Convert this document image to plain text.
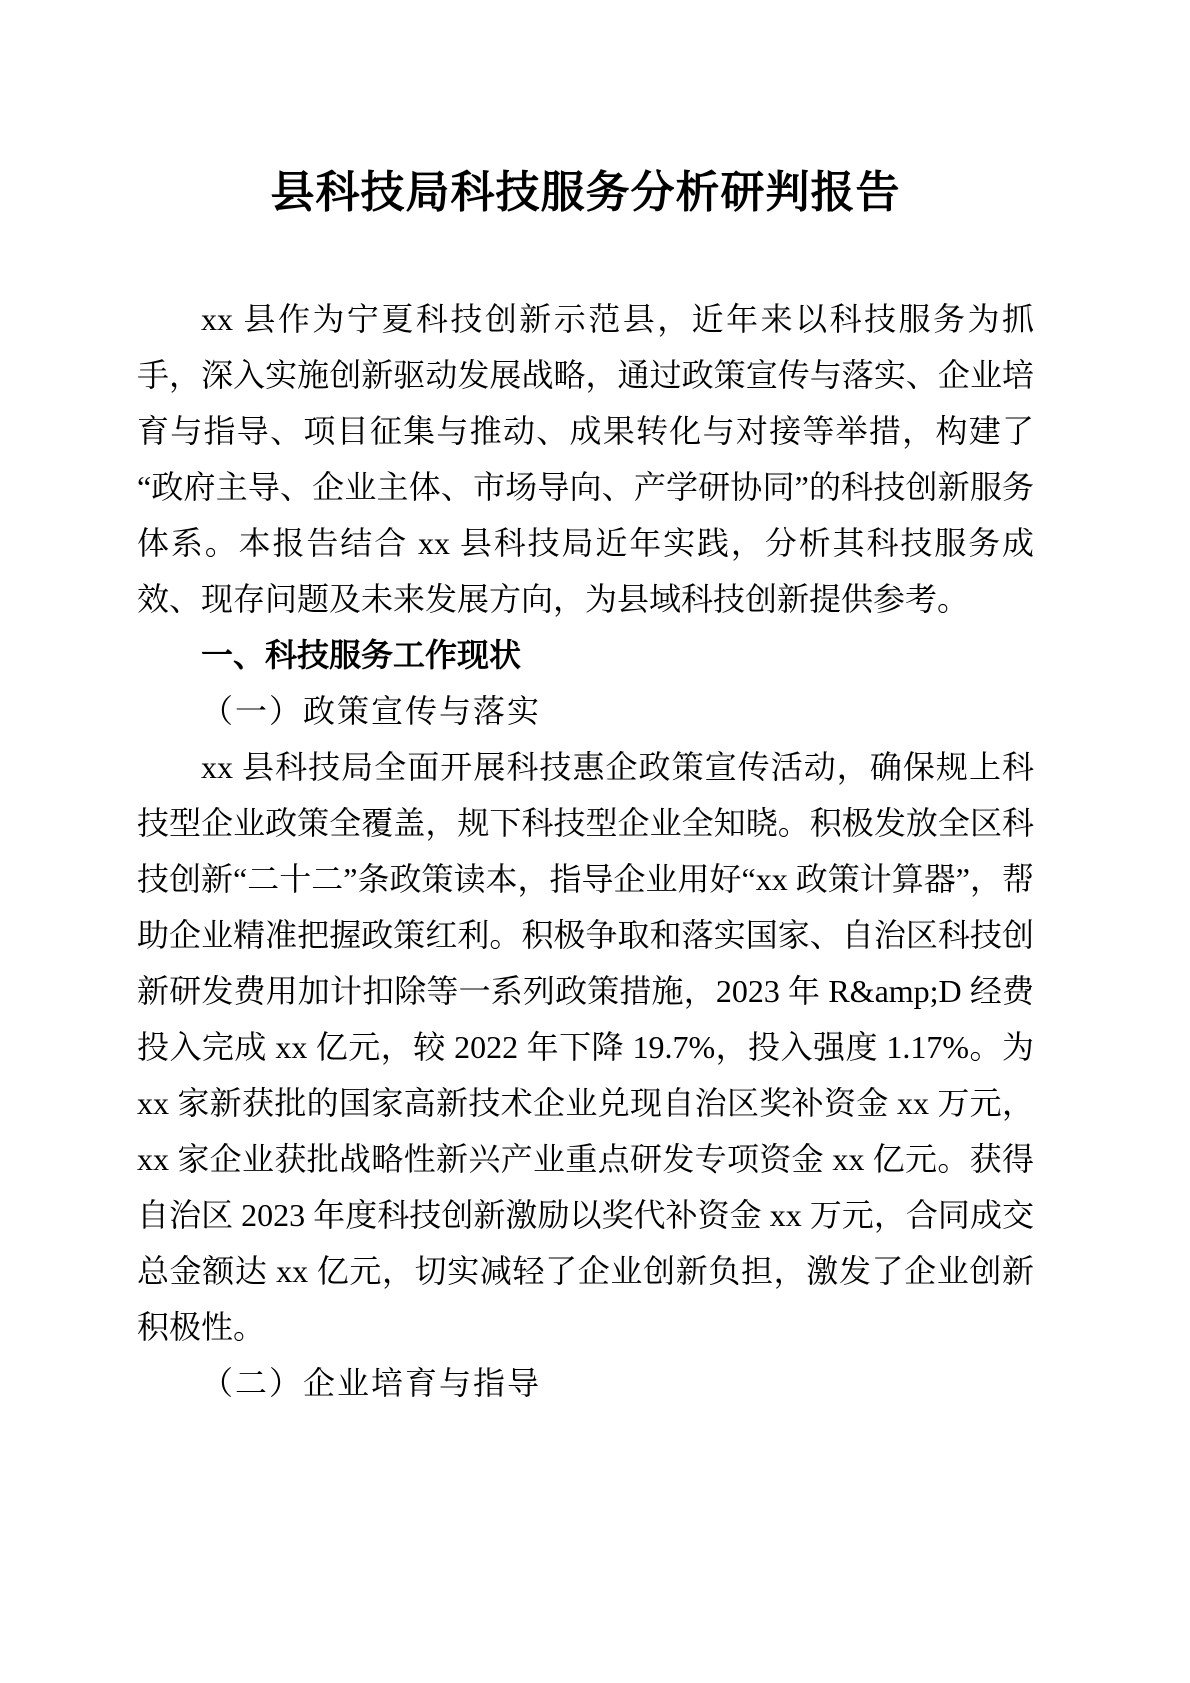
县科技局科技服务分析研判报告

xx 县作为宁夏科技创新示范县，近年来以科技服务为抓手，深入实施创新驱动发展战略，通过政策宣传与落实、企业培育与指导、项目征集与推动、成果转化与对接等举措，构建了“政府主导、企业主体、市场导向、产学研协同”的科技创新服务体系。本报告结合 xx 县科技局近年实践，分析其科技服务成效、现存问题及未来发展方向，为县域科技创新提供参考。

一、科技服务工作现状
（一）政策宣传与落实

xx 县科技局全面开展科技惠企政策宣传活动，确保规上科技型企业政策全覆盖，规下科技型企业全知晓。积极发放全区科技创新“二十二”条政策读本，指导企业用好“xx 政策计算器”，帮助企业精准把握政策红利。积极争取和落实国家、自治区科技创新研发费用加计扣除等一系列政策措施，2023 年 R&amp;D 经费投入完成 xx 亿元，较 2022 年下降 19.7%，投入强度 1.17%。为 xx 家新获批的国家高新技术企业兑现自治区奖补资金 xx 万元，xx 家企业获批战略性新兴产业重点研发专项资金 xx 亿元。获得自治区 2023 年度科技创新激励以奖代补资金 xx 万元，合同成交总金额达 xx 亿元，切实减轻了企业创新负担，激发了企业创新积极性。

（二）企业培育与指导
